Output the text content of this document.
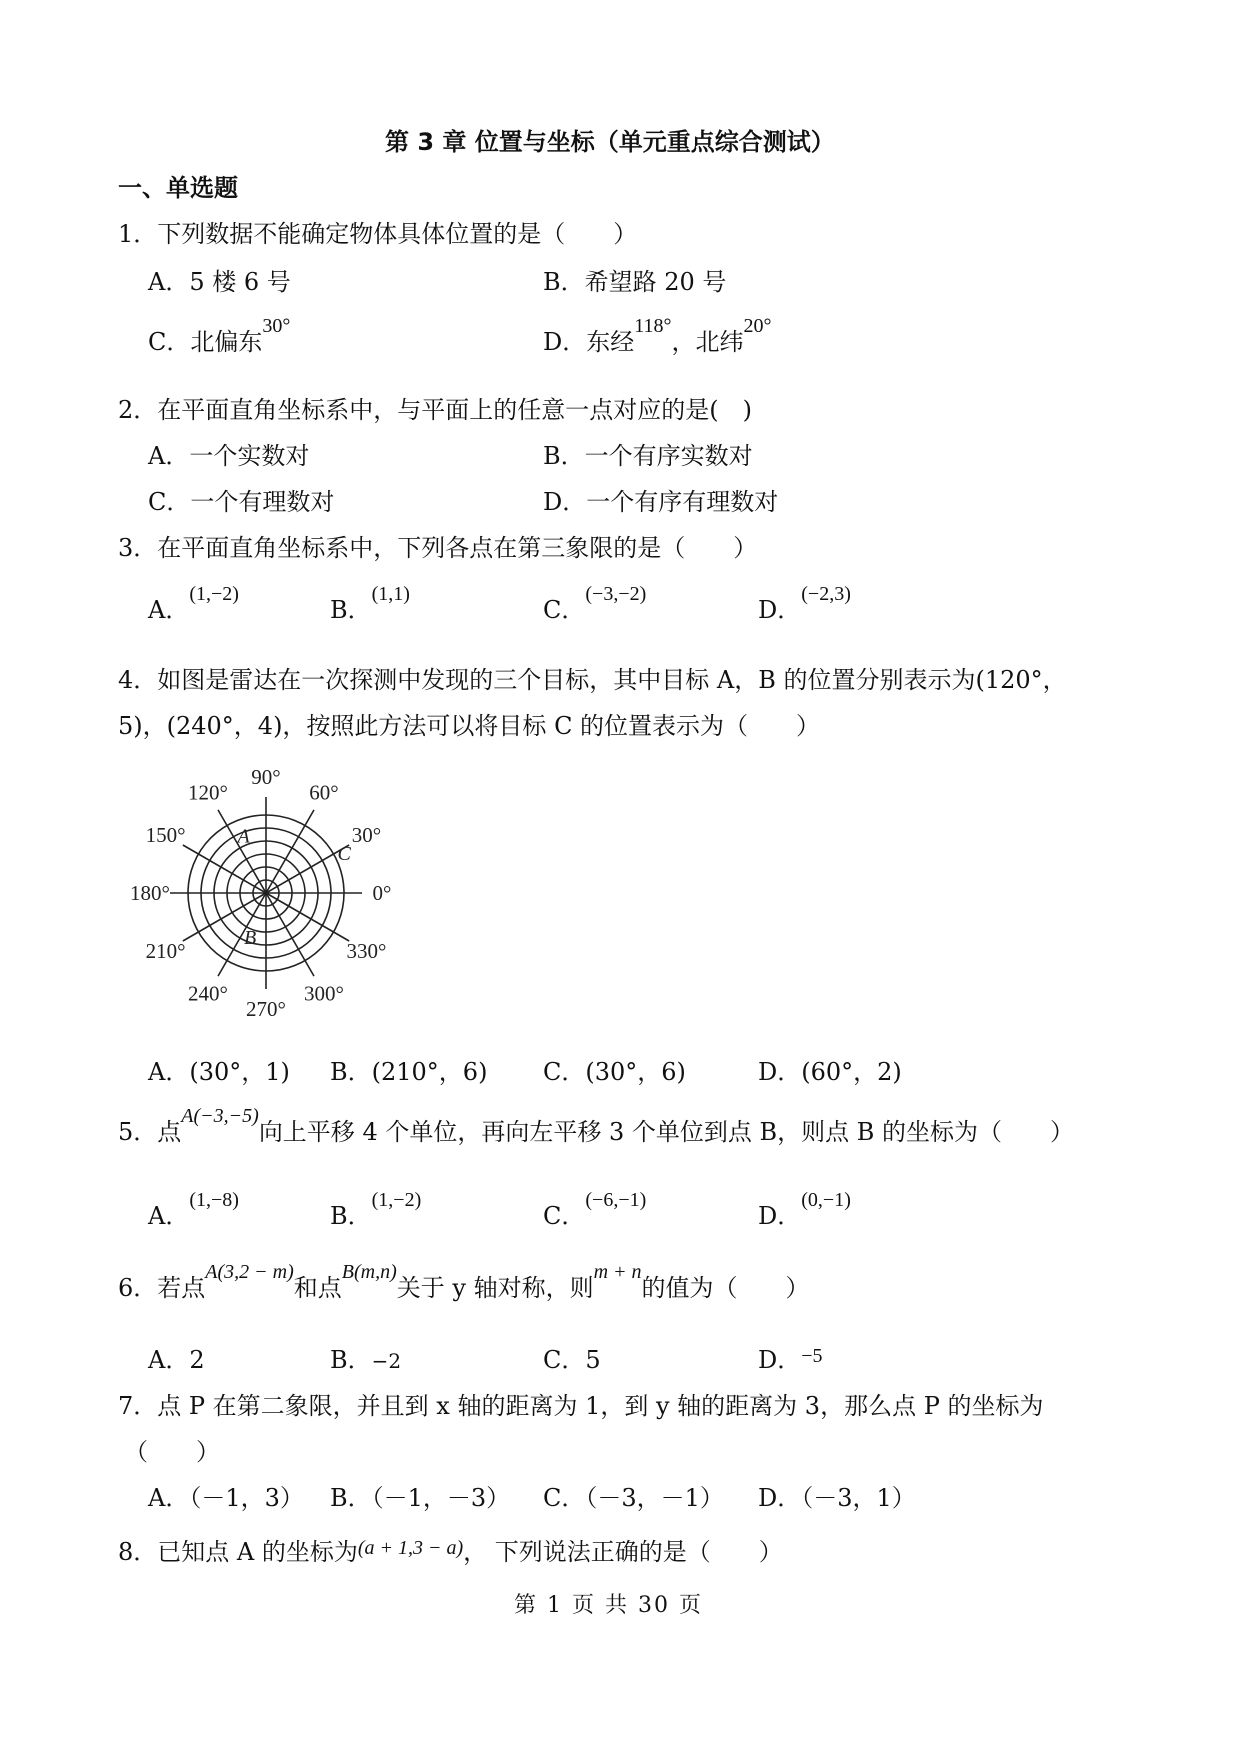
第 3 章 位置与坐标（单元重点综合测试）
一、单选题
1．下列数据不能确定物体具体位置的是（　　）
A．5 楼 6 号	B．希望路 20 号
C．北偏东$^{30^\circ}$
D．东经$^{118^\circ}$，北纬$^{20^\circ}$
2．在平面直角坐标系中，与平面上的任意一点对应的是(　)
A．一个实数对	B．一个有序实数对
C．一个有理数对	D．一个有序有理数对
3．在平面直角坐标系中，下列各点在第三象限的是（　　）
A．$^{(1,-2)}$
B．$^{(1,1)}$
C．$^{(-3,-2)}$
D．$^{(-2,3)}$
4．如图是雷达在一次探测中发现的三个目标，其中目标 A，B 的位置分别表示为(120°，
5)，(240°，4)，按照此方法可以将目标 C 的位置表示为（　　）
0°
30°
60°
90°
120°
150°
180°
210°
240°
270°
300°
330°
A
B
C
A．(30°，1) B．(210°，6) C．(30°，6)	D．(60°，2)
5．点$^{A(-3,-5)}$向上平移 4 个单位，再向左平移 3 个单位到点 B，则点 B 的坐标为（　　）
A．$^{(1,-8)}$
B．$^{(1,-2)}$
C．$^{(-6,-1)}$
D．$^{(0,-1)}$
6．若点$^{A(3,2 - m)}$和点$^{B(m,n)}$关于 y 轴对称，则$^{m + n}$的值为（　　）
A．2	B．−2	C．5	D．$^{-5}$
7．点 P 在第二象限，并且到 x 轴的距离为 1，到 y 轴的距离为 3，那么点 P 的坐标为
（　　）
A．（－1，3） B．（－1，－3） C．（－3，－1） D．（－3，1）
8．已知点 A 的坐标为$^{(a + 1,3 - a)}$， 下列说法正确的是（　　）
第 1 页 共 30 页
